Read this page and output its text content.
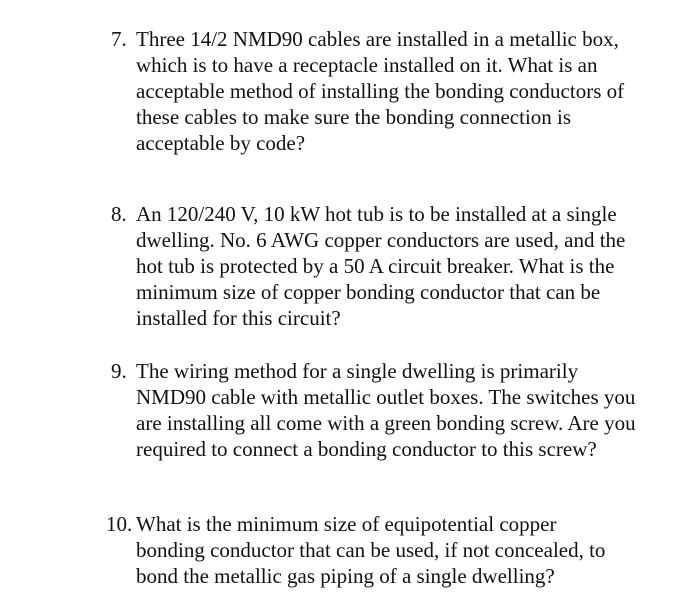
7. Three 14/2 NMD90 cables are installed in a metallic box,
which is to have a receptacle installed on it. What is an
acceptable method of installing the bonding conductors of
these cables to make sure the bonding connection is
acceptable by code?
8. An 120/240 V, 10 kW hot tub is to be installed at a single
dwelling. No. 6 AWG copper conductors are used, and the
hot tub is protected by a 50 A circuit breaker. What is the
minimum size of copper bonding conductor that can be
installed for this circuit?
9. The wiring method for a single dwelling is primarily
NMD90 cable with metallic outlet boxes. The switches you
are installing all come with a green bonding screw. Are you
required to connect a bonding conductor to this screw?
10. What is the minimum size of equipotential copper
bonding conductor that can be used, if not concealed, to
bond the metallic gas piping of a single dwelling?
